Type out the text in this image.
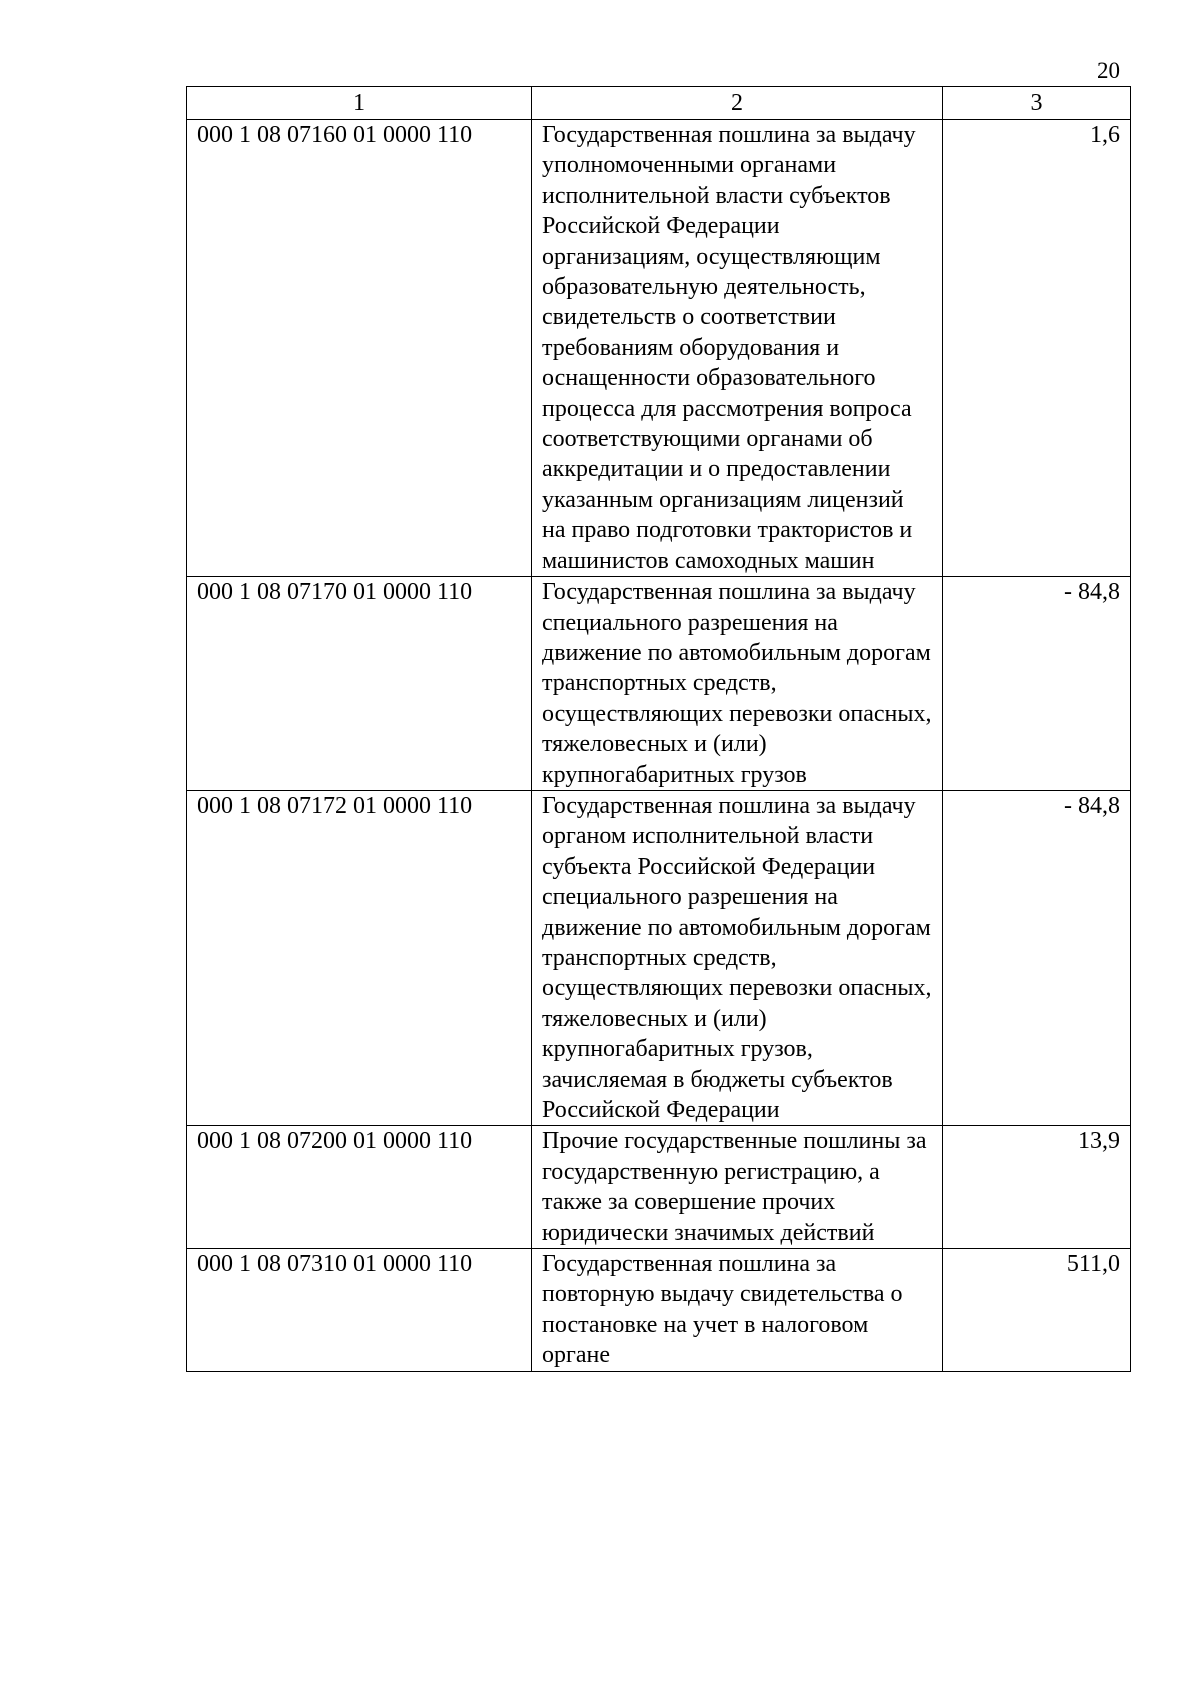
20
1	2	3
000 1 08 07160 01 0000 110	Государственная пошлина за выдачу уполномоченными органами исполнительной власти субъектов Российской Федерации организациям, осуществляющим образовательную деятельность, свидетельств о соответствии требованиям оборудования и оснащенности образовательного процесса для рассмотрения вопроса соответствующими органами об аккредитации и о предоставлении указанным организациям лицензий на право подготовки трактористов и машинистов самоходных машин	1,6
000 1 08 07170 01 0000 110	Государственная пошлина за выдачу специального разрешения на движение по автомобильным дорогам транспортных средств, осуществляющих перевозки опасных, тяжеловесных и (или) крупногабаритных грузов	- 84,8
000 1 08 07172 01 0000 110	Государственная пошлина за выдачу органом исполнительной власти субъекта Российской Федерации специального разрешения на движение по автомобильным дорогам транспортных средств, осуществляющих перевозки опасных, тяжеловесных и (или) крупногабаритных грузов, зачисляемая в бюджеты субъектов Российской Федерации	- 84,8
000 1 08 07200 01 0000 110	Прочие государственные пошлины за государственную регистрацию, а также за совершение прочих юридически значимых действий	13,9
000 1 08 07310 01 0000 110	Государственная пошлина за повторную выдачу свидетельства о постановке на учет в налоговом органе	511,0
